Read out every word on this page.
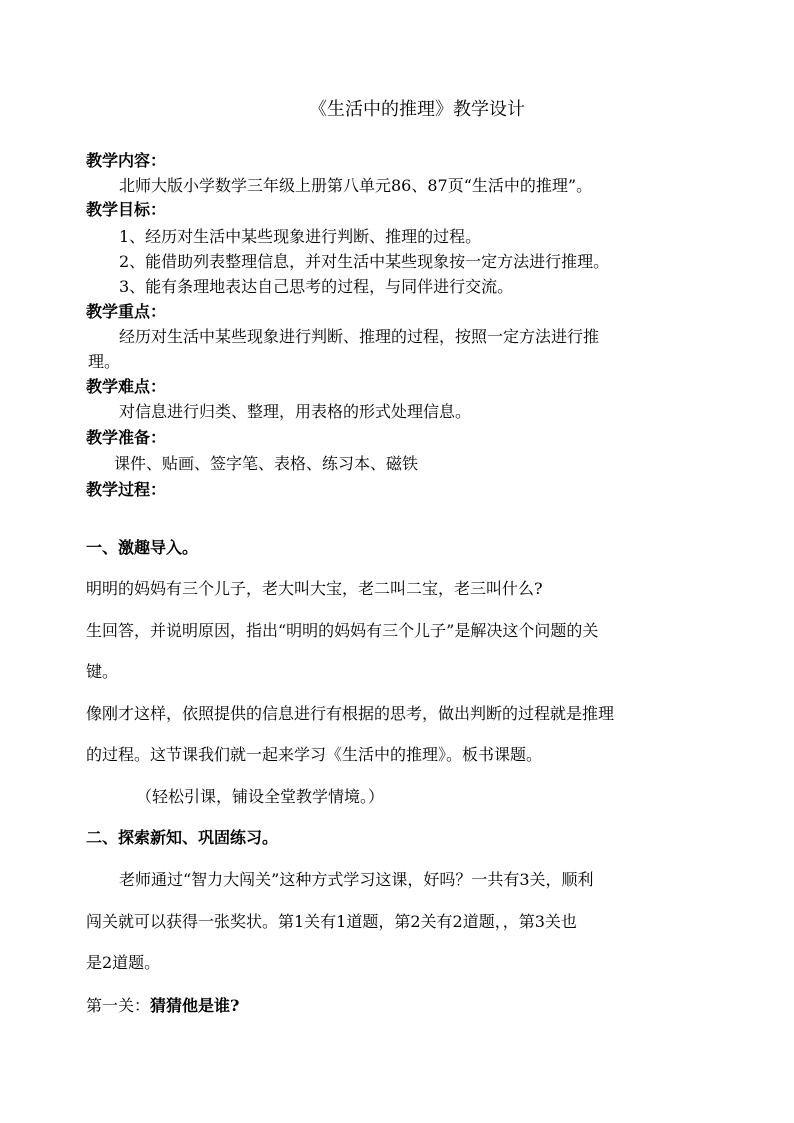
《生活中的推理》教学设计
教学内容：
北师大版小学数学三年级上册第八单元86、87页“生活中的推理”。
教学目标：
1、经历对生活中某些现象进行判断、推理的过程。
2、能借助列表整理信息，并对生活中某些现象按一定方法进行推理。
3、能有条理地表达自己思考的过程，与同伴进行交流。
教学重点：
经历对生活中某些现象进行判断、推理的过程，按照一定方法进行推
理。
教学难点：
对信息进行归类、整理，用表格的形式处理信息。
教学准备：
课件、贴画、签字笔、表格、练习本、磁铁
教学过程：
一、激趣导入。
明明的妈妈有三个儿子，老大叫大宝，老二叫二宝，老三叫什么?
生回答，并说明原因，指出“明明的妈妈有三个儿子”是解决这个问题的关
键。
像刚才这样，依照提供的信息进行有根据的思考，做出判断的过程就是推理
的过程。这节课我们就一起来学习《生活中的推理》。板书课题。
（轻松引课，铺设全堂教学情境。）
二、探索新知、巩固练习。
老师通过“智力大闯关”这种方式学习这课，好吗？一共有3关，顺利
闯关就可以获得一张奖状。第1关有1道题，第2关有2道题，，第3关也
是2道题。
第一关：猜猜他是谁?
